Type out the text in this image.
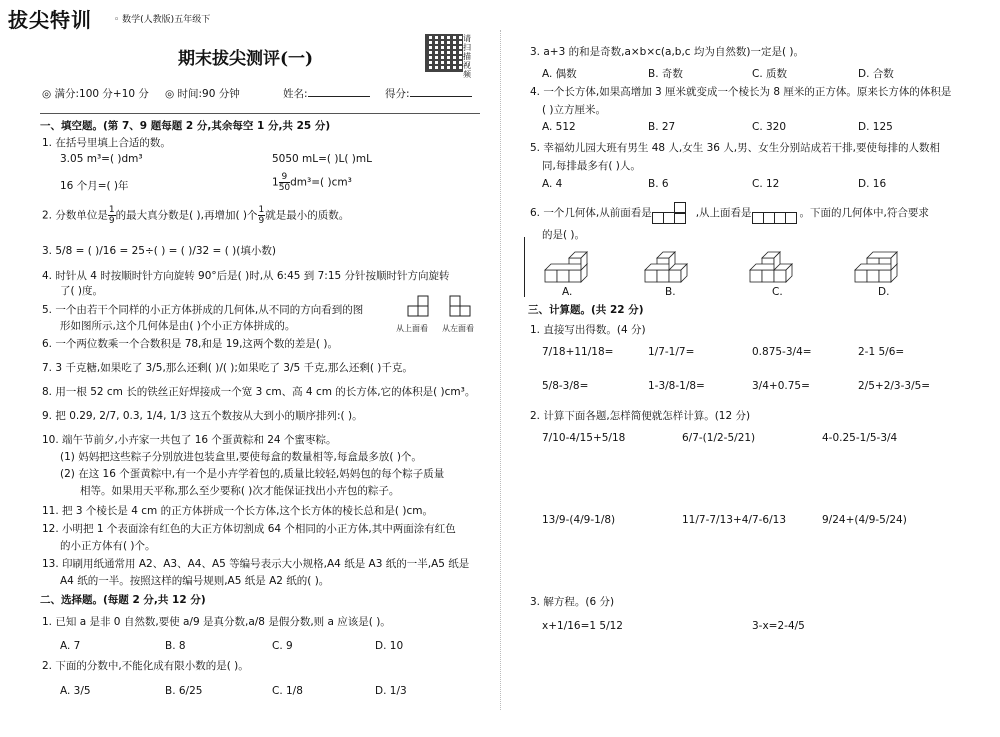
拔尖特训 ◦ 数学(人教版)五年级下
期末拔尖测评(一)
请扫描视频
◎ 满分:100 分+10 分 ◎ 时间:90 分钟	姓名:	得分:
一、填空题。(第 7、9 题每题 2 分,其余每空 1 分,共 25 分)
1. 在括号里填上合适的数。
3.05 m³=( )dm³	5050 mL=( )L( )mL
16 个月=( )年	$1 \frac{9}{50} dm^3=$( )cm³
2. 分数单位是 $\frac{1}{9}$ 的最大真分数是( ),再增加( )个 $\frac{1}{9}$ 就是最小的质数。
3. 5/8 = ( )/16 = 25÷( ) = ( )/32 = ( )(填小数)
4. 时针从 4 时按顺时针方向旋转 90°后是( )时,从 6:45 到 7:15 分针按顺时针方向旋转
了( )度。
5. 一个由若干个同样的小正方体拼成的几何体,从不同的方向看到的图
形如图所示,这个几何体是由( )个小正方体拼成的。	从上面看 从左面看
6. 一个两位数乘一个合数积是 78,和是 19,这两个数的差是( )。
7. 3 千克糖,如果吃了 3/5,那么还剩( )/( );如果吃了 3/5 千克,那么还剩( )千克。
8. 用一根 52 cm 长的铁丝正好焊接成一个宽 3 cm、高 4 cm 的长方体,它的体积是( )cm³。
9. 把 0.29, 2/7, 0.3, 1/4, 1/3 这五个数按从大到小的顺序排列:( )。
10. 端午节前夕,小卉家一共包了 16 个蛋黄粽和 24 个蜜枣粽。
(1) 妈妈把这些粽子分别放进包装盒里,要使每盒的数量相等,每盒最多放( )个。
(2) 在这 16 个蛋黄粽中,有一个是小卉学着包的,质量比较轻,妈妈包的每个粽子质量
相等。如果用天平称,那么至少要称( )次才能保证找出小卉包的粽子。
11. 把 3 个棱长是 4 cm 的正方体拼成一个长方体,这个长方体的棱长总和是( )cm。
12. 小明把 1 个表面涂有红色的大正方体切割成 64 个相同的小正方体,其中两面涂有红色
的小正方体有( )个。
13. 印刷用纸通常用 A2、A3、A4、A5 等编号表示大小规格,A4 纸是 A3 纸的一半,A5 纸是
A4 纸的一半。按照这样的编号规则,A5 纸是 A2 纸的( )。
二、选择题。(每题 2 分,共 12 分)
1. 已知 a 是非 0 自然数,要使 a/9 是真分数,a/8 是假分数,则 a 应该是( )。
A. 7	B. 8	C. 9	D. 10
2. 下面的分数中,不能化成有限小数的是( )。
A. 3/5	B. 6/25	C. 1/8	D. 1/3
3. a+3 的和是奇数,a×b×c(a,b,c 均为自然数)一定是( )。
A. 偶数	B. 奇数	C. 质数	D. 合数
4. 一个长方体,如果高增加 3 厘米就变成一个棱长为 8 厘米的正方体。原来长方体的体积是
( )立方厘米。
A. 512	B. 27	C. 320	D. 125
5. 幸福幼儿园大班有男生 48 人,女生 36 人,男、女生分别站成若干排,要使每排的人数相
同,每排最多有( )人。
A. 4	B. 6	C. 12	D. 16
6. 一个几何体,从前面看是	,从上面看是	。下面的几何体中,符合要求
的是( )。
A.	B.	C.	D.
三、计算题。(共 22 分)
1. 直接写出得数。(4 分)
7/18+11/18=	1/7-1/7=	0.875-3/4=	2-1 5/6=
5/8-3/8=	1-3/8-1/8=	3/4+0.75=	2/5+2/3-3/5=
2. 计算下面各题,怎样简便就怎样计算。(12 分)
7/10-4/15+5/18	6/7-(1/2-5/21)	4-0.25-1/5-3/4
13/9-(4/9-1/8)	11/7-7/13+4/7-6/13	9/24+(4/9-5/24)
3. 解方程。(6 分)
x+1/16=1 5/12	3-x=2-4/5
